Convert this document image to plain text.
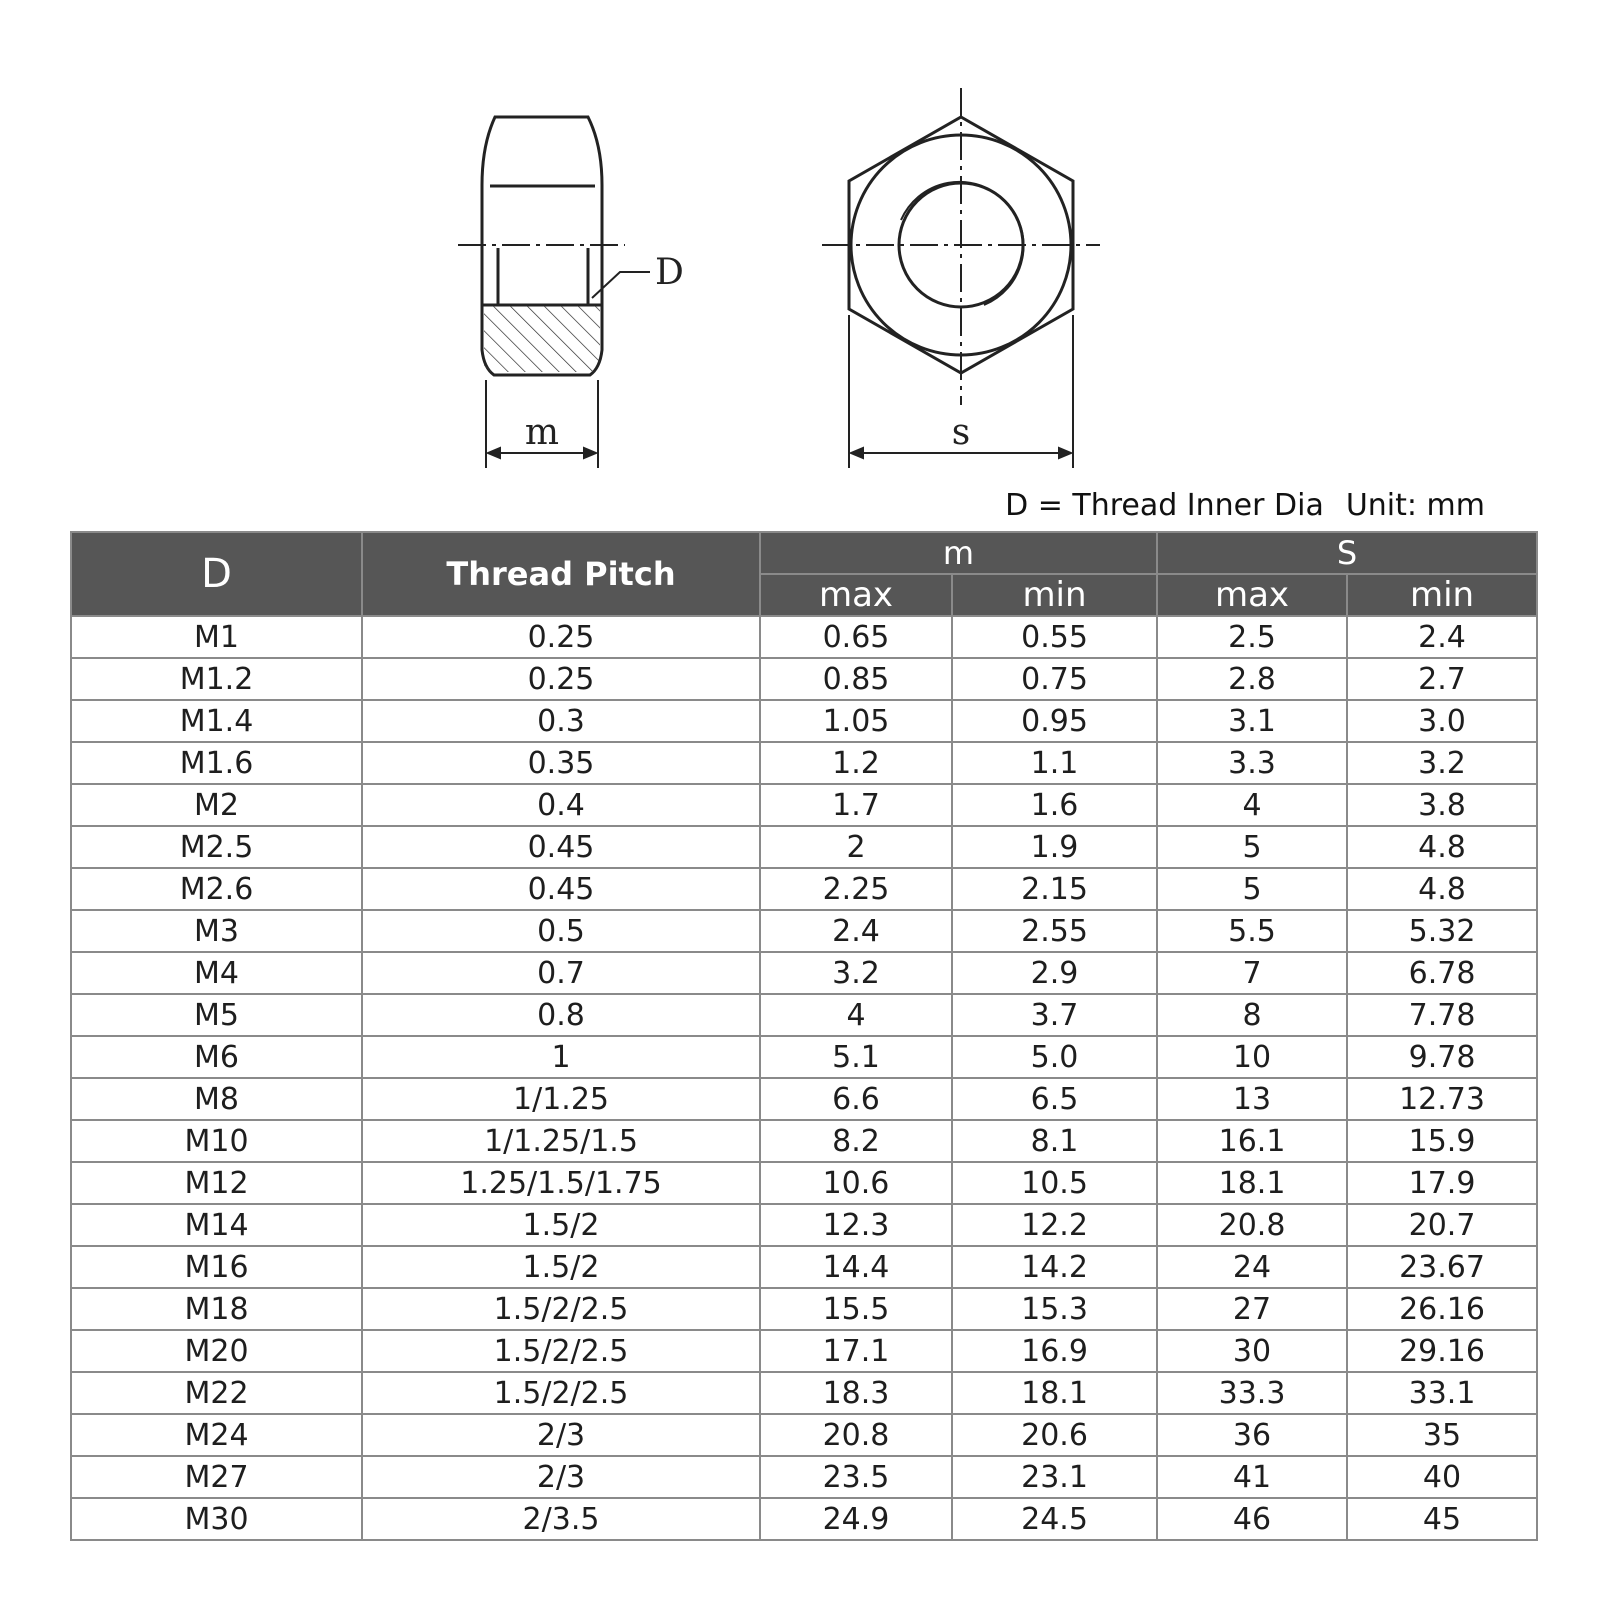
D
m	s
D = Thread Inner Dia Unit: mm
D	Thread Pitch	m		S	
		max	min	max	min
M1	0.25	0.65	0.55	2.5	2.4
M1.2	0.25	0.85	0.75	2.8	2.7
M1.4	0.3	1.05	0.95	3.1	3.0
M1.6	0.35	1.2	1.1	3.3	3.2
M2	0.4	1.7	1.6	4	3.8
M2.5	0.45	2	1.9	5	4.8
M2.6	0.45	2.25	2.15	5	4.8
M3	0.5	2.4	2.55	5.5	5.32
M4	0.7	3.2	2.9	7	6.78
M5	0.8	4	3.7	8	7.78
M6	1	5.1	5.0	10	9.78
M8	1/1.25	6.6	6.5	13	12.73
M10	1/1.25/1.5	8.2	8.1	16.1	15.9
M12	1.25/1.5/1.75	10.6	10.5	18.1	17.9
M14	1.5/2	12.3	12.2	20.8	20.7
M16	1.5/2	14.4	14.2	24	23.67
M18	1.5/2/2.5	15.5	15.3	27	26.16
M20	1.5/2/2.5	17.1	16.9	30	29.16
M22	1.5/2/2.5	18.3	18.1	33.3	33.1
M24	2/3	20.8	20.6	36	35
M27	2/3	23.5	23.1	41	40
M30	2/3.5	24.9	24.5	46	45
